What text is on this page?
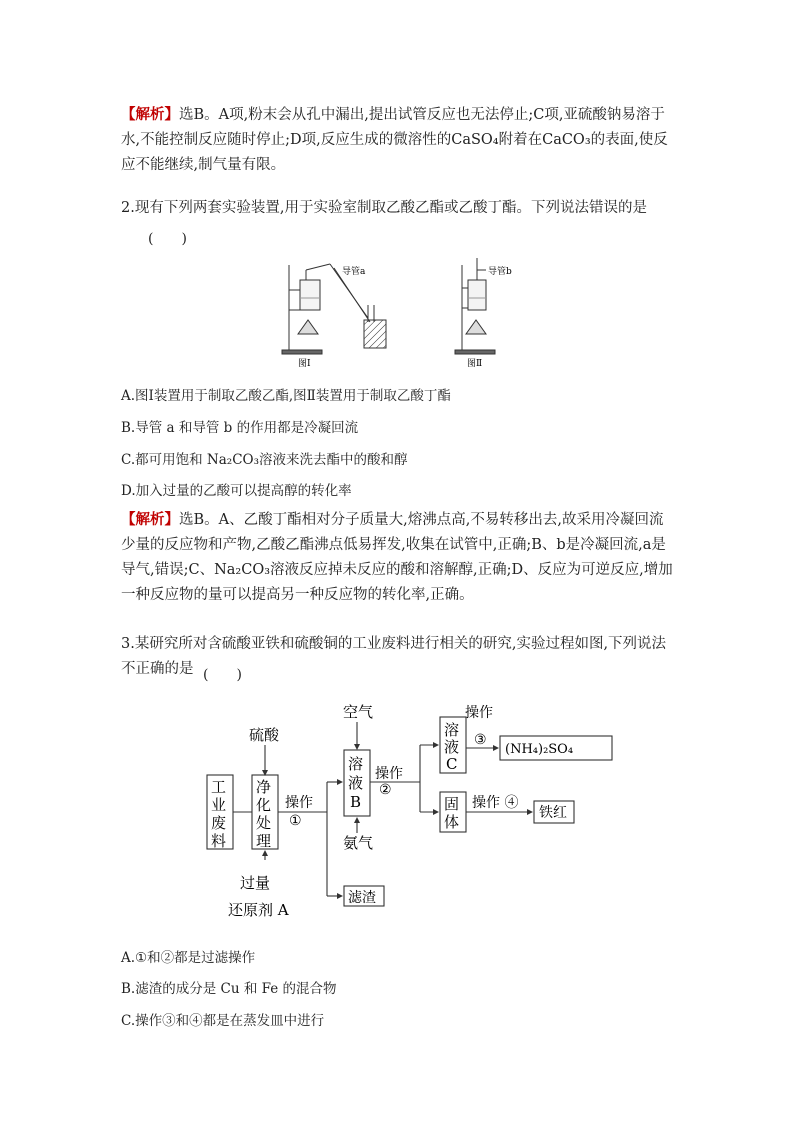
【解析】选B。A项,粉末会从孔中漏出,提出试管反应也无法停止;C项,亚硫酸钠易溶于水,不能控制反应随时停止;D项,反应生成的微溶性的CaSO₄附着在CaCO₃的表面,使反应不能继续,制气量有限。

2.现有下列两套实验装置,用于实验室制取乙酸乙酯或乙酸丁酯。下列说法错误的是

(　　)
导管a	导管b
图Ⅰ	图Ⅱ

A.图Ⅰ装置用于制取乙酸乙酯,图Ⅱ装置用于制取乙酸丁酯

B.导管 a 和导管 b 的作用都是冷凝回流

C.都可用饱和 Na₂CO₃溶液来洗去酯中的酸和醇

D.加入过量的乙酸可以提高醇的转化率

【解析】选B。A、乙酸丁酯相对分子质量大,熔沸点高,不易转移出去,故采用冷凝回流少量的反应物和产物,乙酸乙酯沸点低易挥发,收集在试管中,正确;B、b是冷凝回流,a是导气,错误;C、Na₂CO₃溶液反应掉未反应的酸和溶解醇,正确;D、反应为可逆反应,增加一种反应物的量可以提高另一种反应物的转化率,正确。

3.某研究所对含硫酸亚铁和硫酸铜的工业废料进行相关的研究,实验过程如图,下列说法不正确的是 (　　)
工
业
废
料
净
化
处
理
硫酸
过量
还原剂 A
操作
①
溶
液
B
空气
氨气
滤渣
操作
②
溶
液
C
操作
③
(NH₄)₂SO₄
固
体
操作 ④
铁红

A.①和②都是过滤操作

B.滤渣的成分是 Cu 和 Fe 的混合物

C.操作③和④都是在蒸发皿中进行
